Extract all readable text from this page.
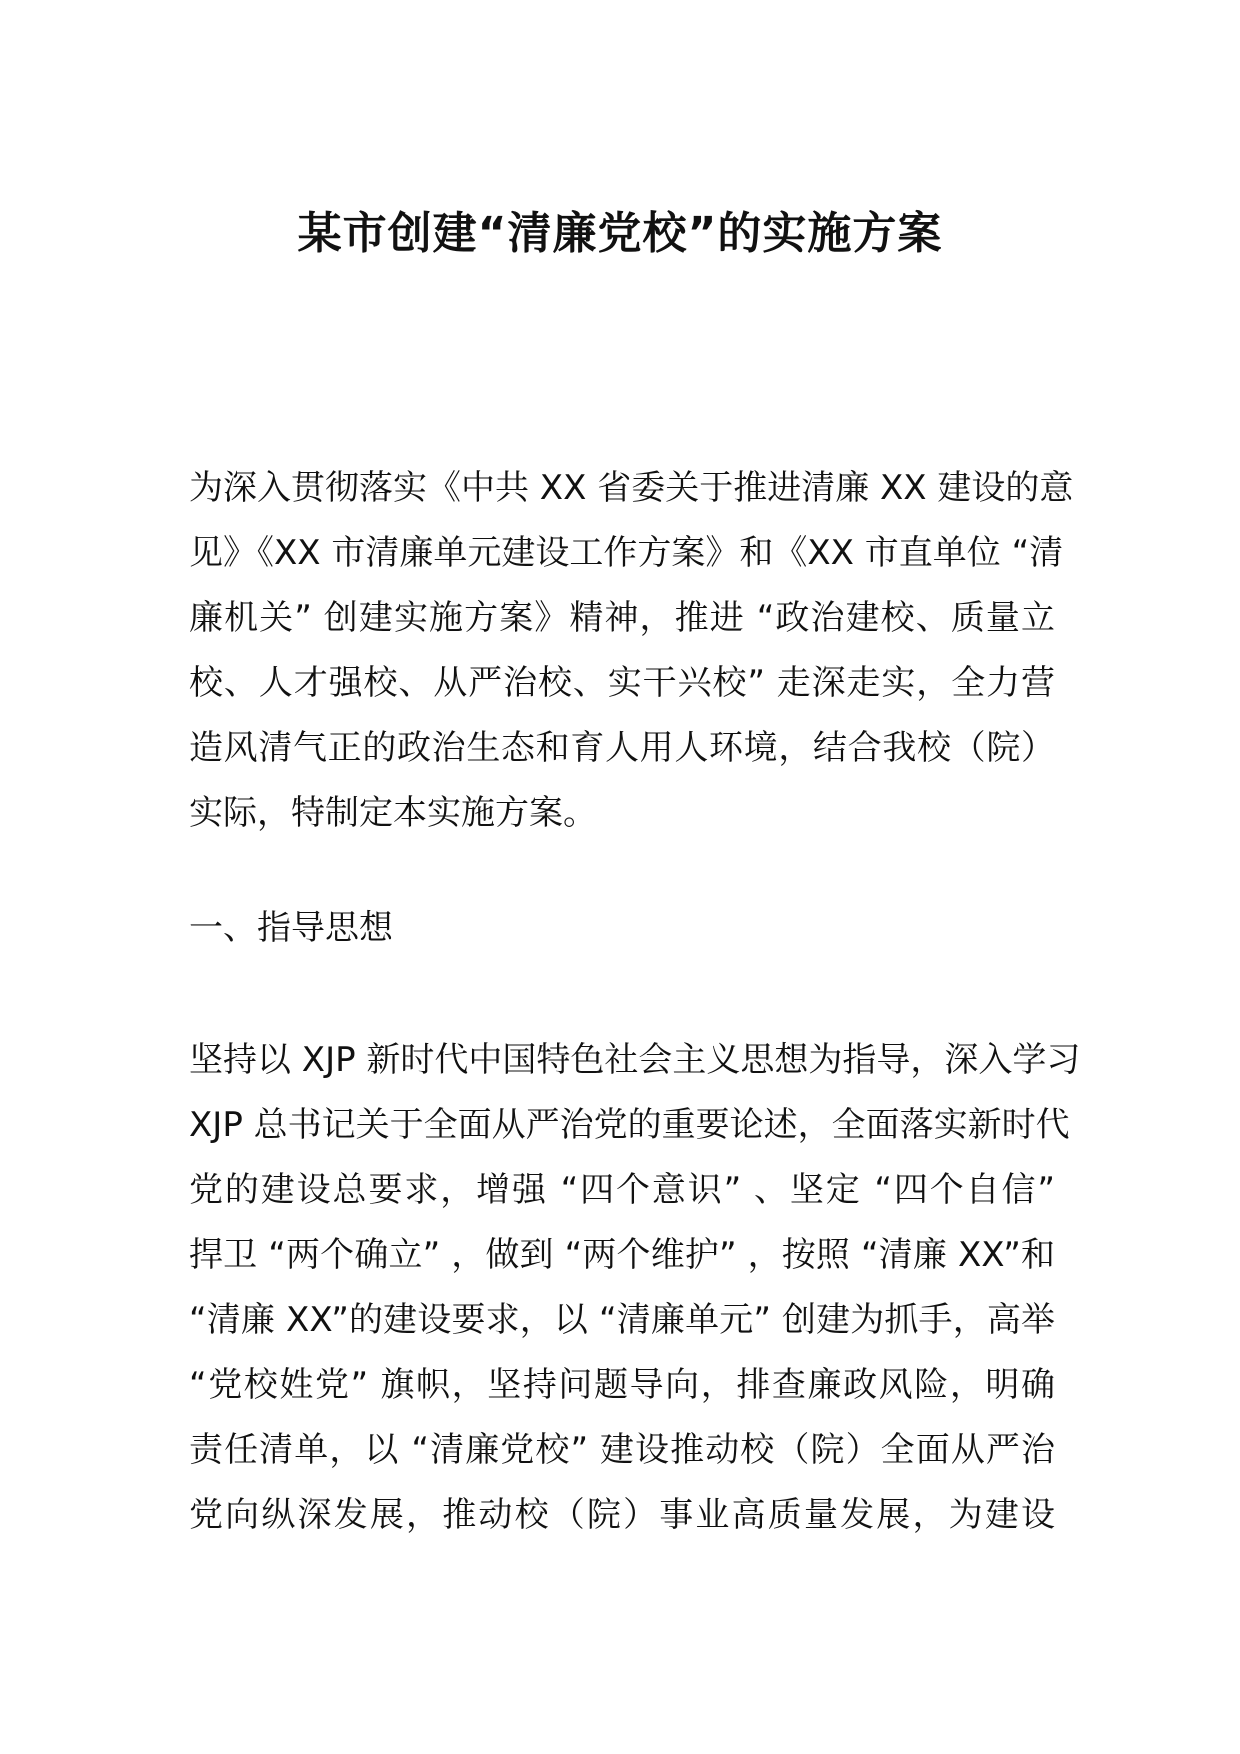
某市创建“清廉党校”的实施方案
为深入贯彻落实《中共 XX 省委关于推进清廉 XX 建设的意
见》《XX 市清廉单元建设工作方案》和《XX 市直单位 “清
廉机关” 创建实施方案》精神，推进 “政治建校、质量立
校、人才强校、从严治校、实干兴校” 走深走实，全力营
造风清气正的政治生态和育人用人环境，结合我校（院）
实际，特制定本实施方案。
一、指导思想
坚持以 XJP 新时代中国特色社会主义思想为指导，深入学习
XJP 总书记关于全面从严治党的重要论述，全面落实新时代
党的建设总要求，增强 “四个意识” 、坚定 “四个自信”
捍卫 “两个确立” ，做到 “两个维护” ，按照 “清廉 XX”和
“清廉 XX”的建设要求，以 “清廉单元” 创建为抓手，高举
“党校姓党” 旗帜，坚持问题导向，排查廉政风险，明确
责任清单，以 “清廉党校” 建设推动校（院）全面从严治
党向纵深发展，推动校（院）事业高质量发展，为建设
